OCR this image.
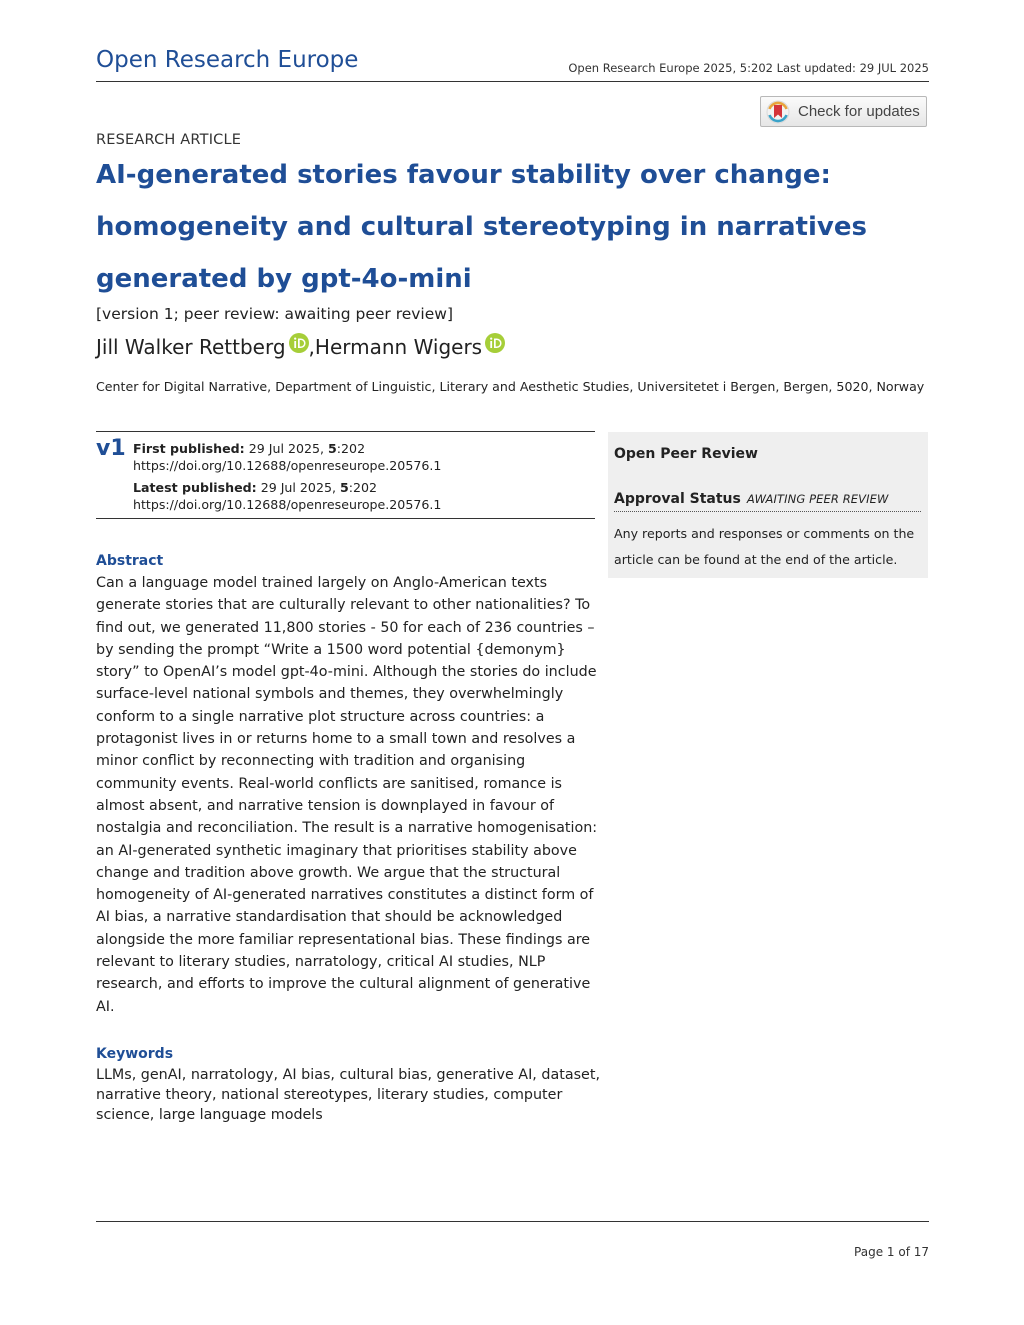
Open Research Europe	Open Research Europe 2025, 5:202 Last updated: 29 JUL 2025
Check for updates
RESEARCH ARTICLE
AI-generated stories favour stability over change:
homogeneity and cultural stereotyping in narratives
generated by gpt-4o-mini
[version 1; peer review: awaiting peer review]
Jill Walker Rettberg , Hermann Wigers
Center for Digital Narrative, Department of Linguistic, Literary and Aesthetic Studies, Universitetet i Bergen, Bergen, 5020, Norway
v1 First published: 29 Jul 2025, 5:202
https://doi.org/10.12688/openreseurope.20576.1
Latest published: 29 Jul 2025, 5:202
https://doi.org/10.12688/openreseurope.20576.1
Open Peer Review
Approval Status AWAITING PEER REVIEW
Any reports and responses or comments on the article can be found at the end of the article.
Abstract
Can a language model trained largely on Anglo-American texts
generate stories that are culturally relevant to other nationalities? To
find out, we generated 11,800 stories - 50 for each of 236 countries –
by sending the prompt “Write a 1500 word potential {demonym}
story” to OpenAI’s model gpt-4o-mini. Although the stories do include
surface-level national symbols and themes, they overwhelmingly
conform to a single narrative plot structure across countries: a
protagonist lives in or returns home to a small town and resolves a
minor conflict by reconnecting with tradition and organising
community events. Real-world conflicts are sanitised, romance is
almost absent, and narrative tension is downplayed in favour of
nostalgia and reconciliation. The result is a narrative homogenisation:
an AI-generated synthetic imaginary that prioritises stability above
change and tradition above growth. We argue that the structural
homogeneity of AI-generated narratives constitutes a distinct form of
AI bias, a narrative standardisation that should be acknowledged
alongside the more familiar representational bias. These findings are
relevant to literary studies, narratology, critical AI studies, NLP
research, and efforts to improve the cultural alignment of generative
AI.
Keywords
LLMs, genAI, narratology, AI bias, cultural bias, generative AI, dataset,
narrative theory, national stereotypes, literary studies, computer
science, large language models
Page 1 of 17
